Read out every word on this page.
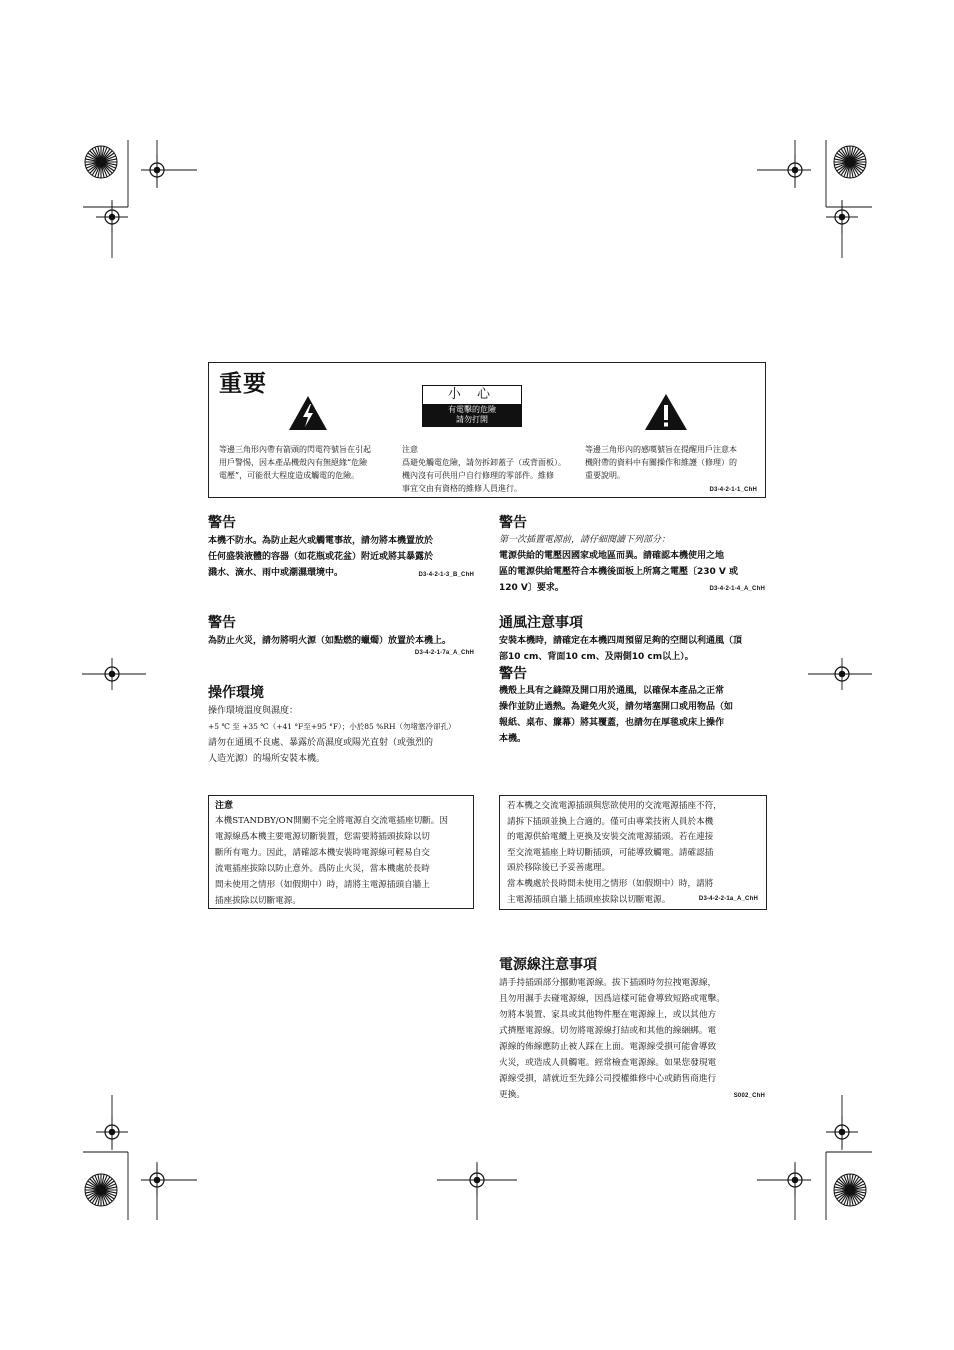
重要	小 心
有電擊的危險
請勿打開
等邊三角形內帶有箭頭的閃電符號旨在引起
用戶警惕，因本產品機殼內有無絕緣“危險
電壓”，可能很大程度造成觸電的危險。
注意
爲避免觸電危險，請勿拆卸蓋子（或背面板）。
機內沒有可供用户自行修理的零部件。維修
事宜交由有資格的維修人員進行。
等邊三角形內的感嘆號旨在提醒用戶注意本
機附帶的資料中有關操作和維護（修理）的
重要說明。
D3-4-2-1-1_ChH
警告
本機不防水。為防止起火或觸電事故，請勿將本機置放於
任何盛裝液體的容器（如花瓶或花盆）附近或將其暴露於
濺水、滴水、雨中或潮濕環境中。	D3-4-2-1-3_B_ChH
警告
為防止火災，請勿將明火源（如點燃的蠟燭）放置於本機上。
D3-4-2-1-7a_A_ChH
操作環境
操作環境溫度與濕度：
+5 ℃ 至 +35 ℃（+41 °F至+95 °F）；小於85 %RH（勿堵塞冷卻孔）
請勿在通風不良處、暴露於高濕度或陽光直射（或強烈的
人造光源）的場所安裝本機。
注意
本機STANDBY/ON開關不完全將電源自交流電插座切斷。因
電源線爲本機主要電源切斷裝置，您需要將插頭拔除以切
斷所有電力。因此，請確認本機安裝時電源線可輕易自交
流電插座拔除以防止意外。爲防止火災，當本機處於長時
間未使用之情形（如假期中）時，請將主電源插頭自牆上
插座拔除以切斷電源。
警告
第一次插置電源前，請仔細閱讀下列部分：
電源供給的電壓因國家或地區而異。請確認本機使用之地
區的電源供給電壓符合本機後面板上所寫之電壓〔230 V 或
120 V〕要求。	D3-4-2-1-4_A_ChH
通風注意事項
安裝本機時，請確定在本機四周預留足夠的空間以利通風（頂
部10 cm、背面10 cm、及兩側10 cm以上）。
警告
機殼上具有之縫隙及開口用於通風，以確保本產品之正常
操作並防止過熱。為避免火災，請勿堵塞開口或用物品（如
報紙、桌布、簾幕）將其覆蓋，也請勿在厚毯或床上操作
本機。
若本機之交流電源插頭與您欲使用的交流電源插座不符，
請拆下插頭並換上合適的。僅可由專業技術人員於本機
的電源供給電纜上更換及安裝交流電源插頭。若在連接
至交流電插座上時切斷插頭，可能導致觸電。請確認插
頭於移除後已予妥善處理。
當本機處於長時間未使用之情形（如假期中）時，請將
主電源插頭自牆上插頭座拔除以切斷電源。	D3-4-2-2-1a_A_ChH
電源線注意事項
請手持插頭部分挪動電源線。拔下插頭時勿拉拽電源線，
且勿用濕手去碰電源線，因爲這樣可能會導致短路或電擊。
勿將本裝置、家具或其他物件壓在電源線上，或以其他方
式擠壓電源線。切勿將電源線打結或和其他的線綑綁。電
源線的佈線應防止被人踩在上面。電源線受損可能會導致
火災，或造成人員觸電。經常檢查電源線。如果您發現電
源線受損，請就近至先鋒公司授權維修中心或銷售商進行
更換。	S002_ChH
